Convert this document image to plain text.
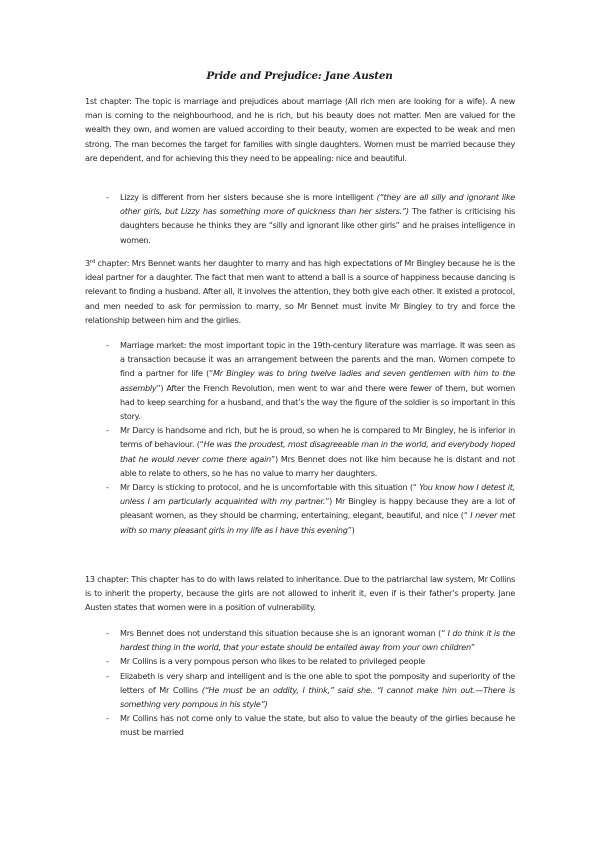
Pride and Prejudice: Jane Austen

1st chapter: The topic is marriage and prejudices about marriage (All rich men are looking for a wife). A new man is coming to the neighbourhood, and he is rich, but his beauty does not matter. Men are valued for the wealth they own, and women are valued according to their beauty, women are expected to be weak and men strong. The man becomes the target for families with single daughters. Women must be married because they are dependent, and for achieving this they need to be appealing: nice and beautiful.

- Lizzy is different from her sisters because she is more intelligent (“they are all silly and ignorant like other girls, but Lizzy has something more of quickness than her sisters.”) The father is criticising his daughters because he thinks they are “silly and ignorant like other girls” and he praises intelligence in women.

3rd chapter: Mrs Bennet wants her daughter to marry and has high expectations of Mr Bingley because he is the ideal partner for a daughter. The fact that men want to attend a ball is a source of happiness because dancing is relevant to finding a husband. After all, it involves the attention, they both give each other. It existed a protocol, and men needed to ask for permission to marry, so Mr Bennet must invite Mr Bingley to try and force the relationship between him and the girlies.

- Marriage market: the most important topic in the 19th-century literature was marriage. It was seen as a transaction because it was an arrangement between the parents and the man. Women compete to find a partner for life (“Mr Bingley was to bring twelve ladies and seven gentlemen with him to the assembly”) After the French Revolution, men went to war and there were fewer of them, but women had to keep searching for a husband, and that’s the way the figure of the soldier is so important in this story.
- Mr Darcy is handsome and rich, but he is proud, so when he is compared to Mr Bingley, he is inferior in terms of behaviour. (“He was the proudest, most disagreeable man in the world, and everybody hoped that he would never come there again”) Mrs Bennet does not like him because he is distant and not able to relate to others, so he has no value to marry her daughters.
- Mr Darcy is sticking to protocol, and he is uncomfortable with this situation (“ You know how I detest it, unless I am particularly acquainted with my partner.”) Mr Bingley is happy because they are a lot of pleasant women, as they should be charming, entertaining, elegant, beautiful, and nice (“ I never met with so many pleasant girls in my life as I have this evening”)

13 chapter: This chapter has to do with laws related to inheritance. Due to the patriarchal law system, Mr Collins is to inherit the property, because the girls are not allowed to inherit it, even if is their father’s property. Jane Austen states that women were in a position of vulnerability.

- Mrs Bennet does not understand this situation because she is an ignorant woman (“ I do think it is the hardest thing in the world, that your estate should be entailed away from your own children”
- Mr Collins is a very pompous person who likes to be related to privileged people
- Elizabeth is very sharp and intelligent and is the one able to spot the pomposity and superiority of the letters of Mr Collins (“He must be an oddity, I think,” said she. “I cannot make him out.—There is something very pompous in his style”)
- Mr Collins has not come only to value the state, but also to value the beauty of the girlies because he must be married
